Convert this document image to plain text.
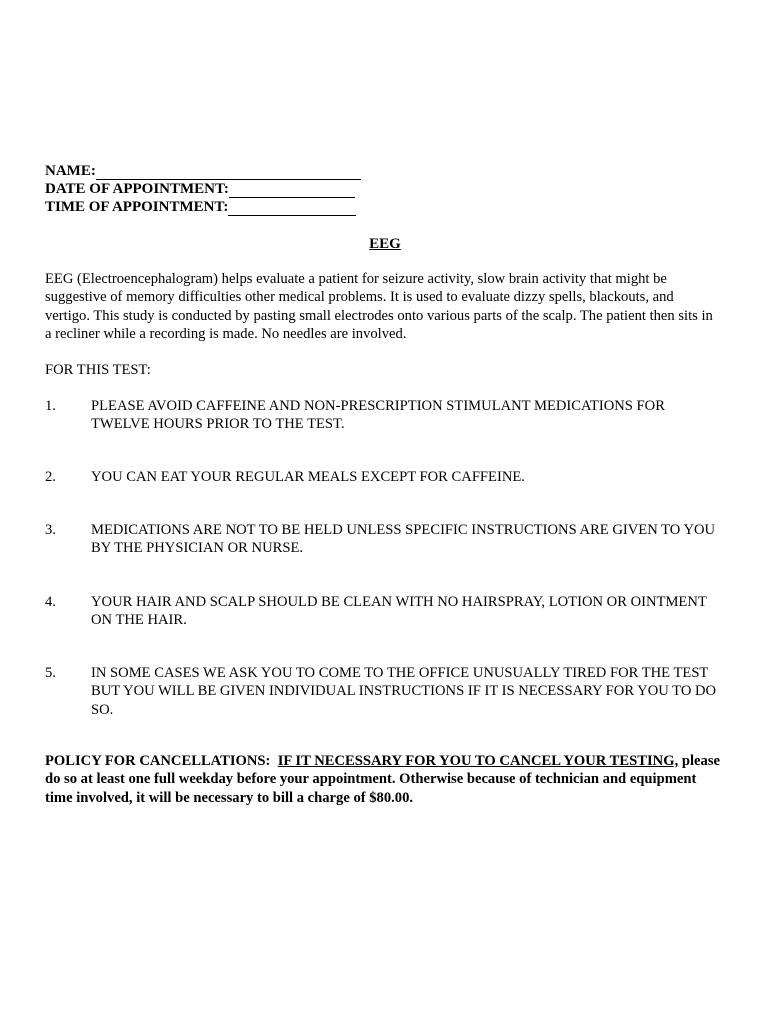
NAME:
DATE OF APPOINTMENT:
TIME OF APPOINTMENT:
EEG
EEG (Electroencephalogram) helps evaluate a patient for seizure activity, slow brain activity that might be suggestive of memory difficulties other medical problems. It is used to evaluate dizzy spells, blackouts, and vertigo. This study is conducted by pasting small electrodes onto various parts of the scalp. The patient then sits in a recliner while a recording is made. No needles are involved.
FOR THIS TEST:
1. PLEASE AVOID CAFFEINE AND NON-PRESCRIPTION STIMULANT MEDICATIONS FOR TWELVE HOURS PRIOR TO THE TEST.
2. YOU CAN EAT YOUR REGULAR MEALS EXCEPT FOR CAFFEINE.
3. MEDICATIONS ARE NOT TO BE HELD UNLESS SPECIFIC INSTRUCTIONS ARE GIVEN TO YOU BY THE PHYSICIAN OR NURSE.
4. YOUR HAIR AND SCALP SHOULD BE CLEAN WITH NO HAIRSPRAY, LOTION OR OINTMENT ON THE HAIR.
5. IN SOME CASES WE ASK YOU TO COME TO THE OFFICE UNUSUALLY TIRED FOR THE TEST BUT YOU WILL BE GIVEN INDIVIDUAL INSTRUCTIONS IF IT IS NECESSARY FOR YOU TO DO SO.
POLICY FOR CANCELLATIONS: IF IT NECESSARY FOR YOU TO CANCEL YOUR TESTING, please do so at least one full weekday before your appointment. Otherwise because of technician and equipment time involved, it will be necessary to bill a charge of $80.00.
